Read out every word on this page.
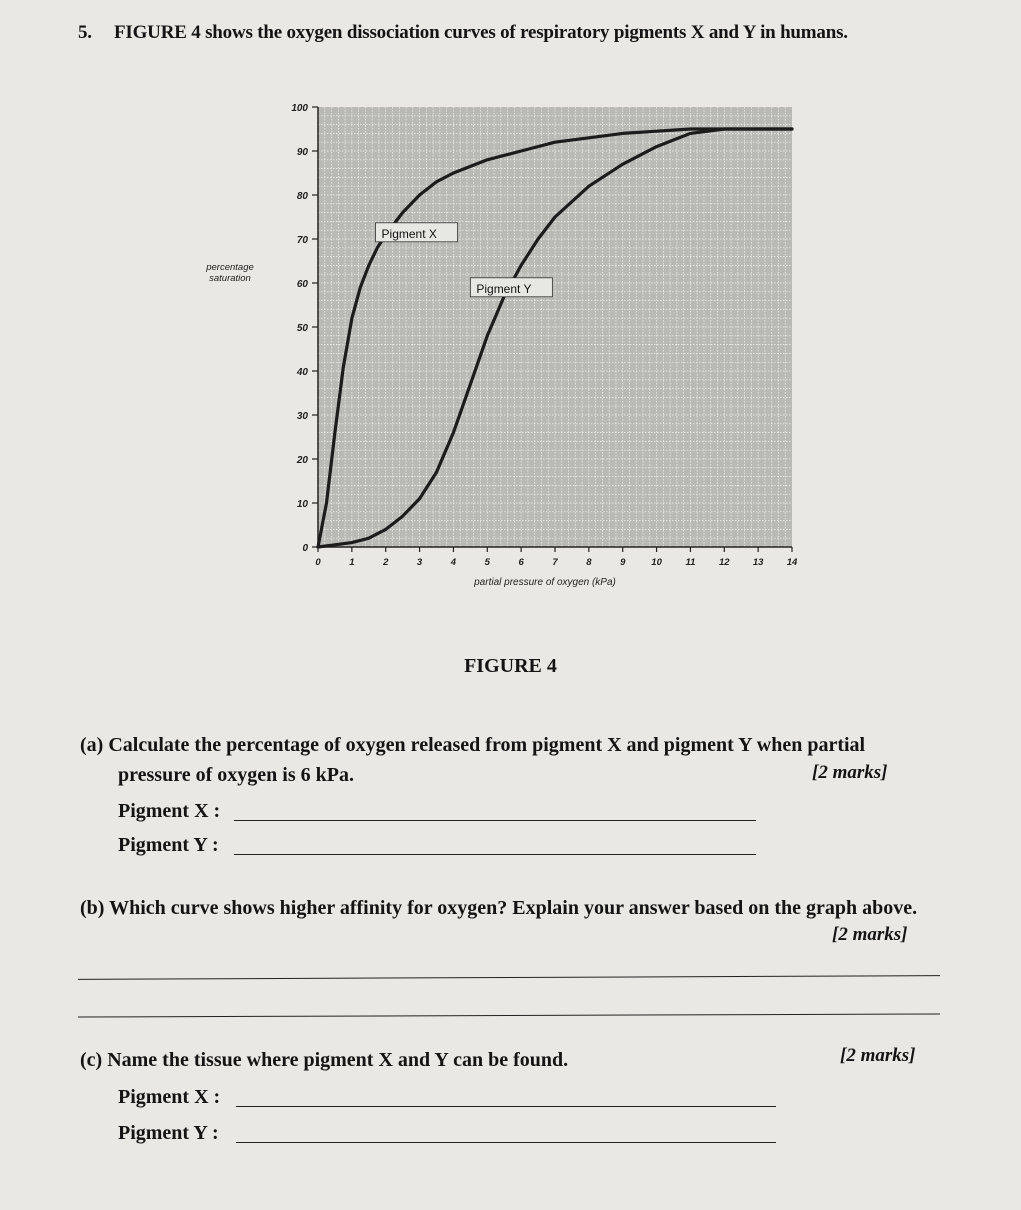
5. FIGURE 4 shows the oxygen dissociation curves of respiratory pigments X and Y in humans.
0
10
20
30
40
50
60
70
80
90
100
0	1	2	3	4	5	6	7	8	9	10 11 12 13 14
partial pressure of oxygen (kPa)
percentage saturation
Pigment X
Pigment Y
FIGURE 4
(a) Calculate the percentage of oxygen released from pigment X and pigment Y when partial
pressure of oxygen is 6 kPa.	[2 marks]
Pigment X :
Pigment Y :
(b) Which curve shows higher affinity for oxygen? Explain your answer based on the graph above.
[2 marks]
(c) Name the tissue where pigment X and Y can be found.	[2 marks]
Pigment X :
Pigment Y :
